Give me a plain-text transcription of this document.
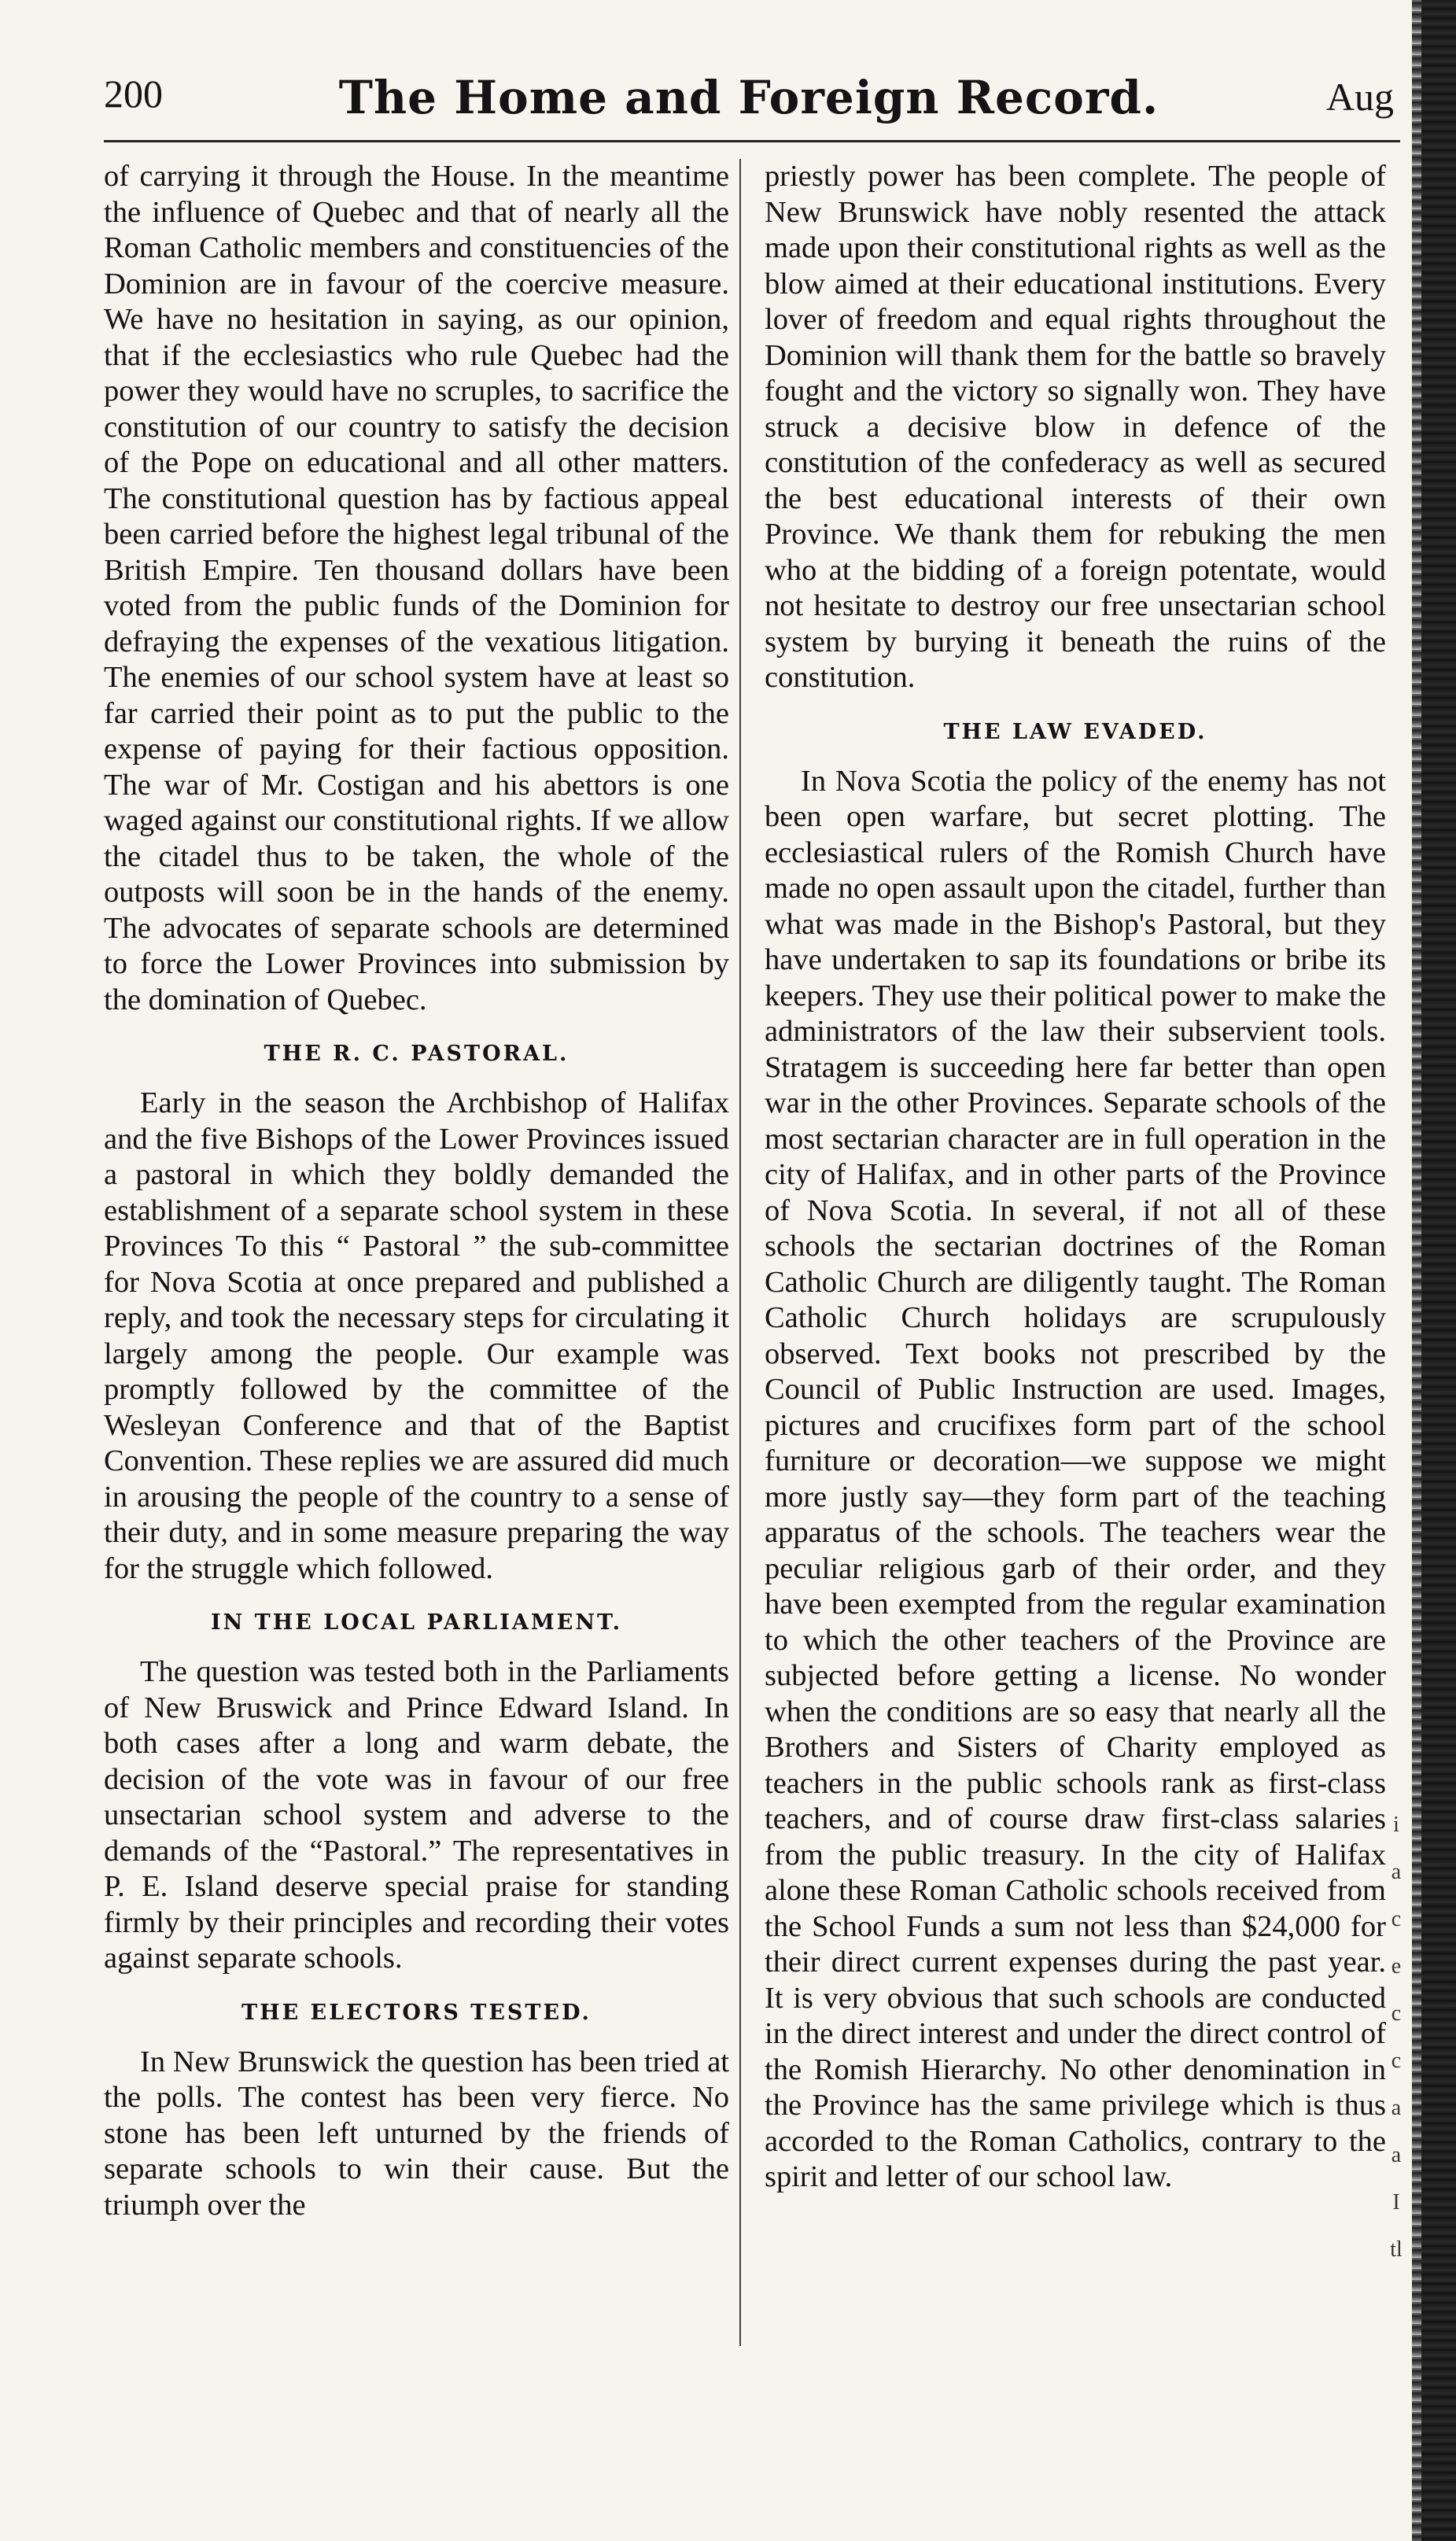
200	The Home and Foreign Record.	Aug

of carrying it through the House. In the meantime the influence of Quebec and that of nearly all the Roman Catholic members and constituencies of the Dominion are in favour of the coercive measure. We have no hesitation in saying, as our opinion, that if the ecclesiastics who rule Quebec had the power they would have no scruples, to sacrifice the constitution of our country to satisfy the decision of the Pope on educational and all other matters. The constitutional question has by factious appeal been carried before the highest legal tribunal of the British Empire. Ten thousand dollars have been voted from the public funds of the Dominion for defraying the expenses of the vexatious litigation. The enemies of our school system have at least so far carried their point as to put the public to the expense of paying for their factious opposition. The war of Mr. Costigan and his abettors is one waged against our constitutional rights. If we allow the citadel thus to be taken, the whole of the outposts will soon be in the hands of the enemy. The advocates of separate schools are determined to force the Lower Provinces into submission by the domination of Quebec.

THE R. C. PASTORAL.

Early in the season the Archbishop of Halifax and the five Bishops of the Lower Provinces issued a pastoral in which they boldly demanded the establishment of a separate school system in these Provinces To this “ Pastoral ” the sub-committee for Nova Scotia at once prepared and published a reply, and took the necessary steps for circulating it largely among the people. Our example was promptly followed by the committee of the Wesleyan Conference and that of the Baptist Convention. These replies we are assured did much in arousing the people of the country to a sense of their duty, and in some measure preparing the way for the struggle which followed.

IN THE LOCAL PARLIAMENT.

The question was tested both in the Parliaments of New Bruswick and Prince Edward Island. In both cases after a long and warm debate, the decision of the vote was in favour of our free unsectarian school system and adverse to the demands of the “Pastoral.” The representatives in P. E. Island deserve special praise for standing firmly by their principles and recording their votes against separate schools.

THE ELECTORS TESTED.

In New Brunswick the question has been tried at the polls. The contest has been very fierce. No stone has been left unturned by the friends of separate schools to win their cause. But the triumph over the

priestly power has been complete. The people of New Brunswick have nobly resented the attack made upon their constitutional rights as well as the blow aimed at their educational institutions. Every lover of freedom and equal rights throughout the Dominion will thank them for the battle so bravely fought and the victory so signally won. They have struck a decisive blow in defence of the constitution of the confederacy as well as secured the best educational interests of their own Province. We thank them for rebuking the men who at the bidding of a foreign potentate, would not hesitate to destroy our free unsectarian school system by burying it beneath the ruins of the constitution.

THE LAW EVADED.

In Nova Scotia the policy of the enemy has not been open warfare, but secret plotting. The ecclesiastical rulers of the Romish Church have made no open assault upon the citadel, further than what was made in the Bishop's Pastoral, but they have undertaken to sap its foundations or bribe its keepers. They use their political power to make the administrators of the law their subservient tools. Stratagem is succeeding here far better than open war in the other Provinces. Separate schools of the most sectarian character are in full operation in the city of Halifax, and in other parts of the Province of Nova Scotia. In several, if not all of these schools the sectarian doctrines of the Roman Catholic Church are diligently taught. The Roman Catholic Church holidays are scrupulously observed. Text books not prescribed by the Council of Public Instruction are used. Images, pictures and crucifixes form part of the school furniture or decoration—we suppose we might more justly say—they form part of the teaching apparatus of the schools. The teachers wear the peculiar religious garb of their order, and they have been exempted from the regular examination to which the other teachers of the Province are subjected before getting a license. No wonder when the conditions are so easy that nearly all the Brothers and Sisters of Charity employed as teachers in the public schools rank as first-class teachers, and of course draw first-class salaries from the public treasury. In the city of Halifax alone these Roman Catholic schools received from the School Funds a sum not less than $24,000 for their direct current expenses during the past year. It is very obvious that such schools are conducted in the direct interest and under the direct control of the Romish Hierarchy. No other denomination in the Province has the same privilege which is thus accorded to the Roman Catholics, contrary to the spirit and letter of our school law.

i
a
c
e
c
c
a
a
I
tl
